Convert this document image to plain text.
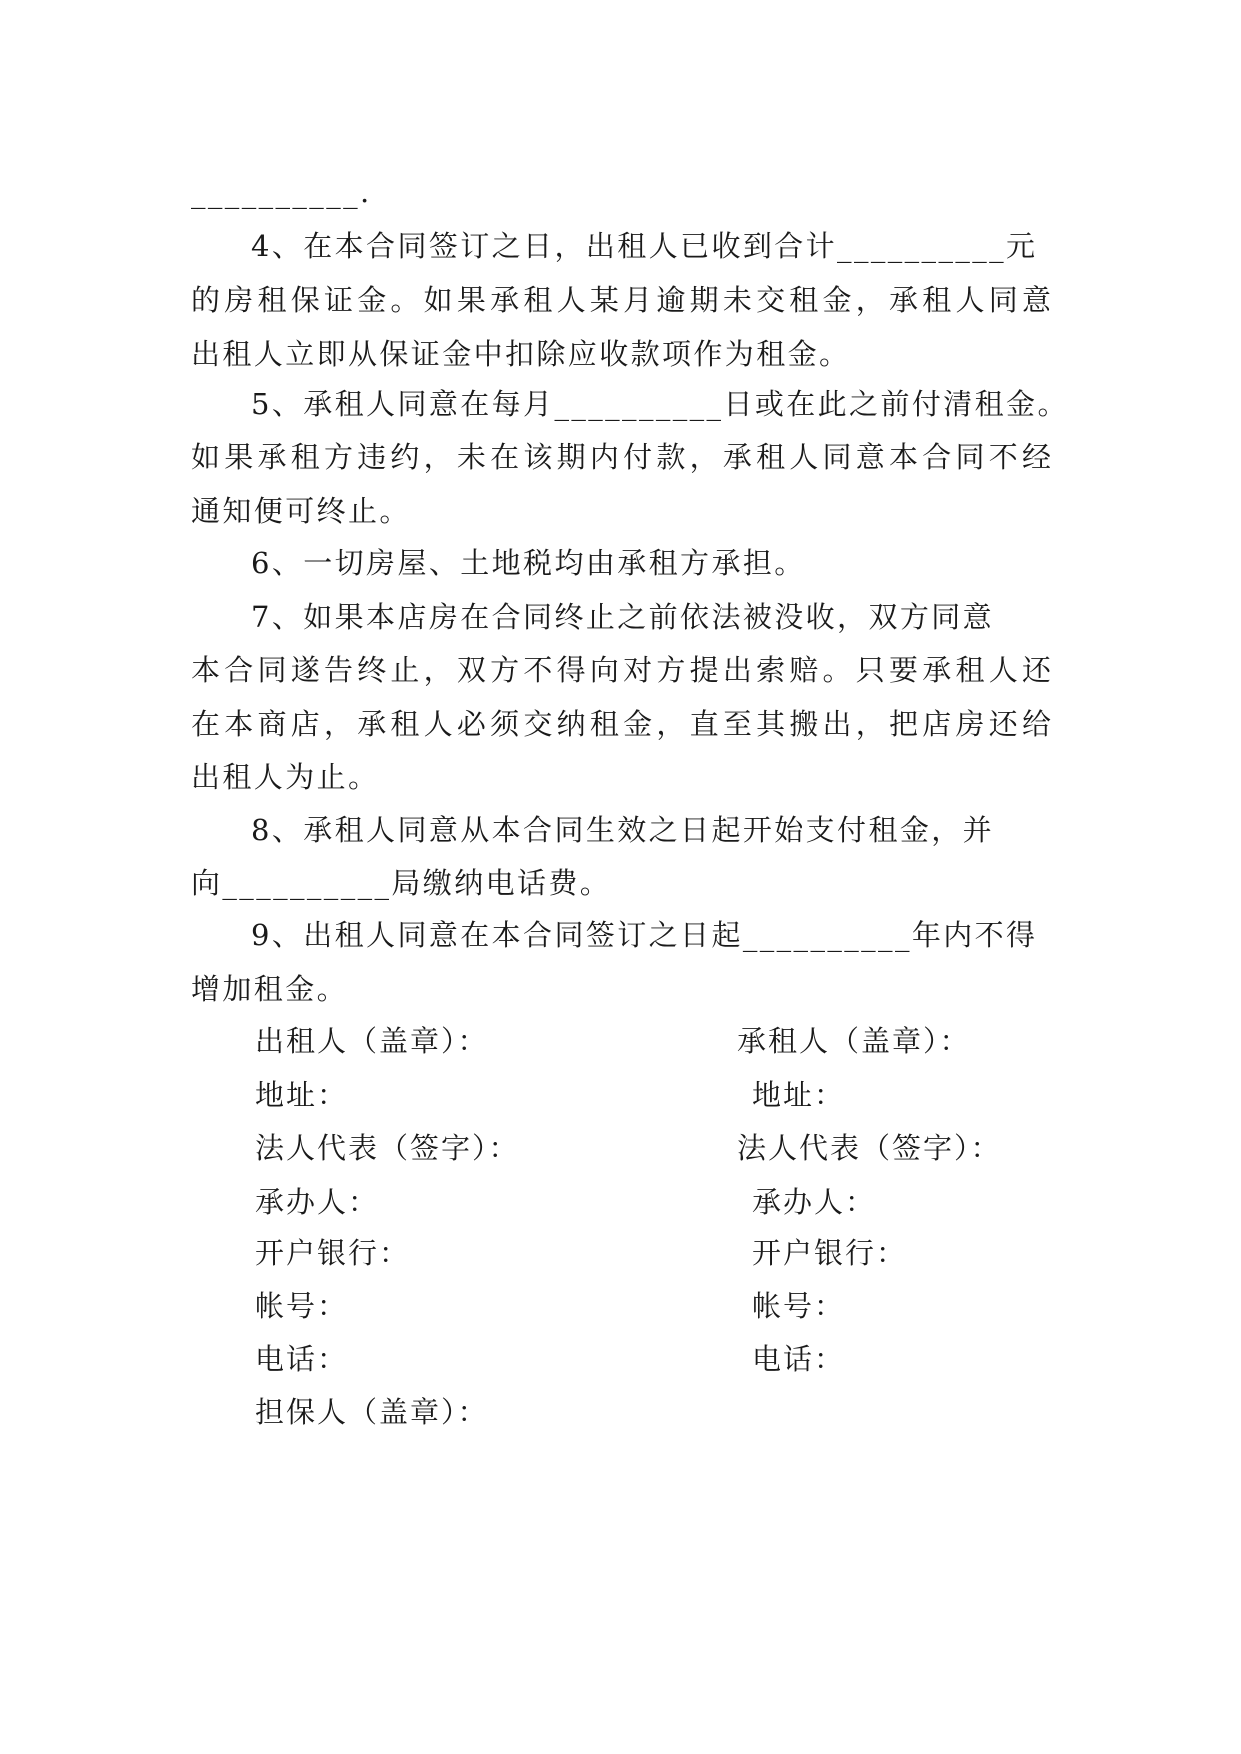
__________.
4、在本合同签订之日，出租人已收到合计__________元
的房租保证金。如果承租人某月逾期未交租金，承租人同意
出租人立即从保证金中扣除应收款项作为租金。
5、承租人同意在每月__________日或在此之前付清租金。
如果承租方违约，未在该期内付款，承租人同意本合同不经
通知便可终止。
6、一切房屋、土地税均由承租方承担。
7、如果本店房在合同终止之前依法被没收，双方同意
本合同遂告终止，双方不得向对方提出索赔。只要承租人还
在本商店，承租人必须交纳租金，直至其搬出，把店房还给
出租人为止。
8、承租人同意从本合同生效之日起开始支付租金，并
向__________局缴纳电话费。
9、出租人同意在本合同签订之日起__________年内不得
增加租金。
出租人（盖章）：
地址：
法人代表（签字）：
承办人：
开户银行：
帐号：
电话：
承租人（盖章）：
地址：
法人代表（签字）：
承办人：
开户银行：
帐号：
电话：
担保人（盖章）：
